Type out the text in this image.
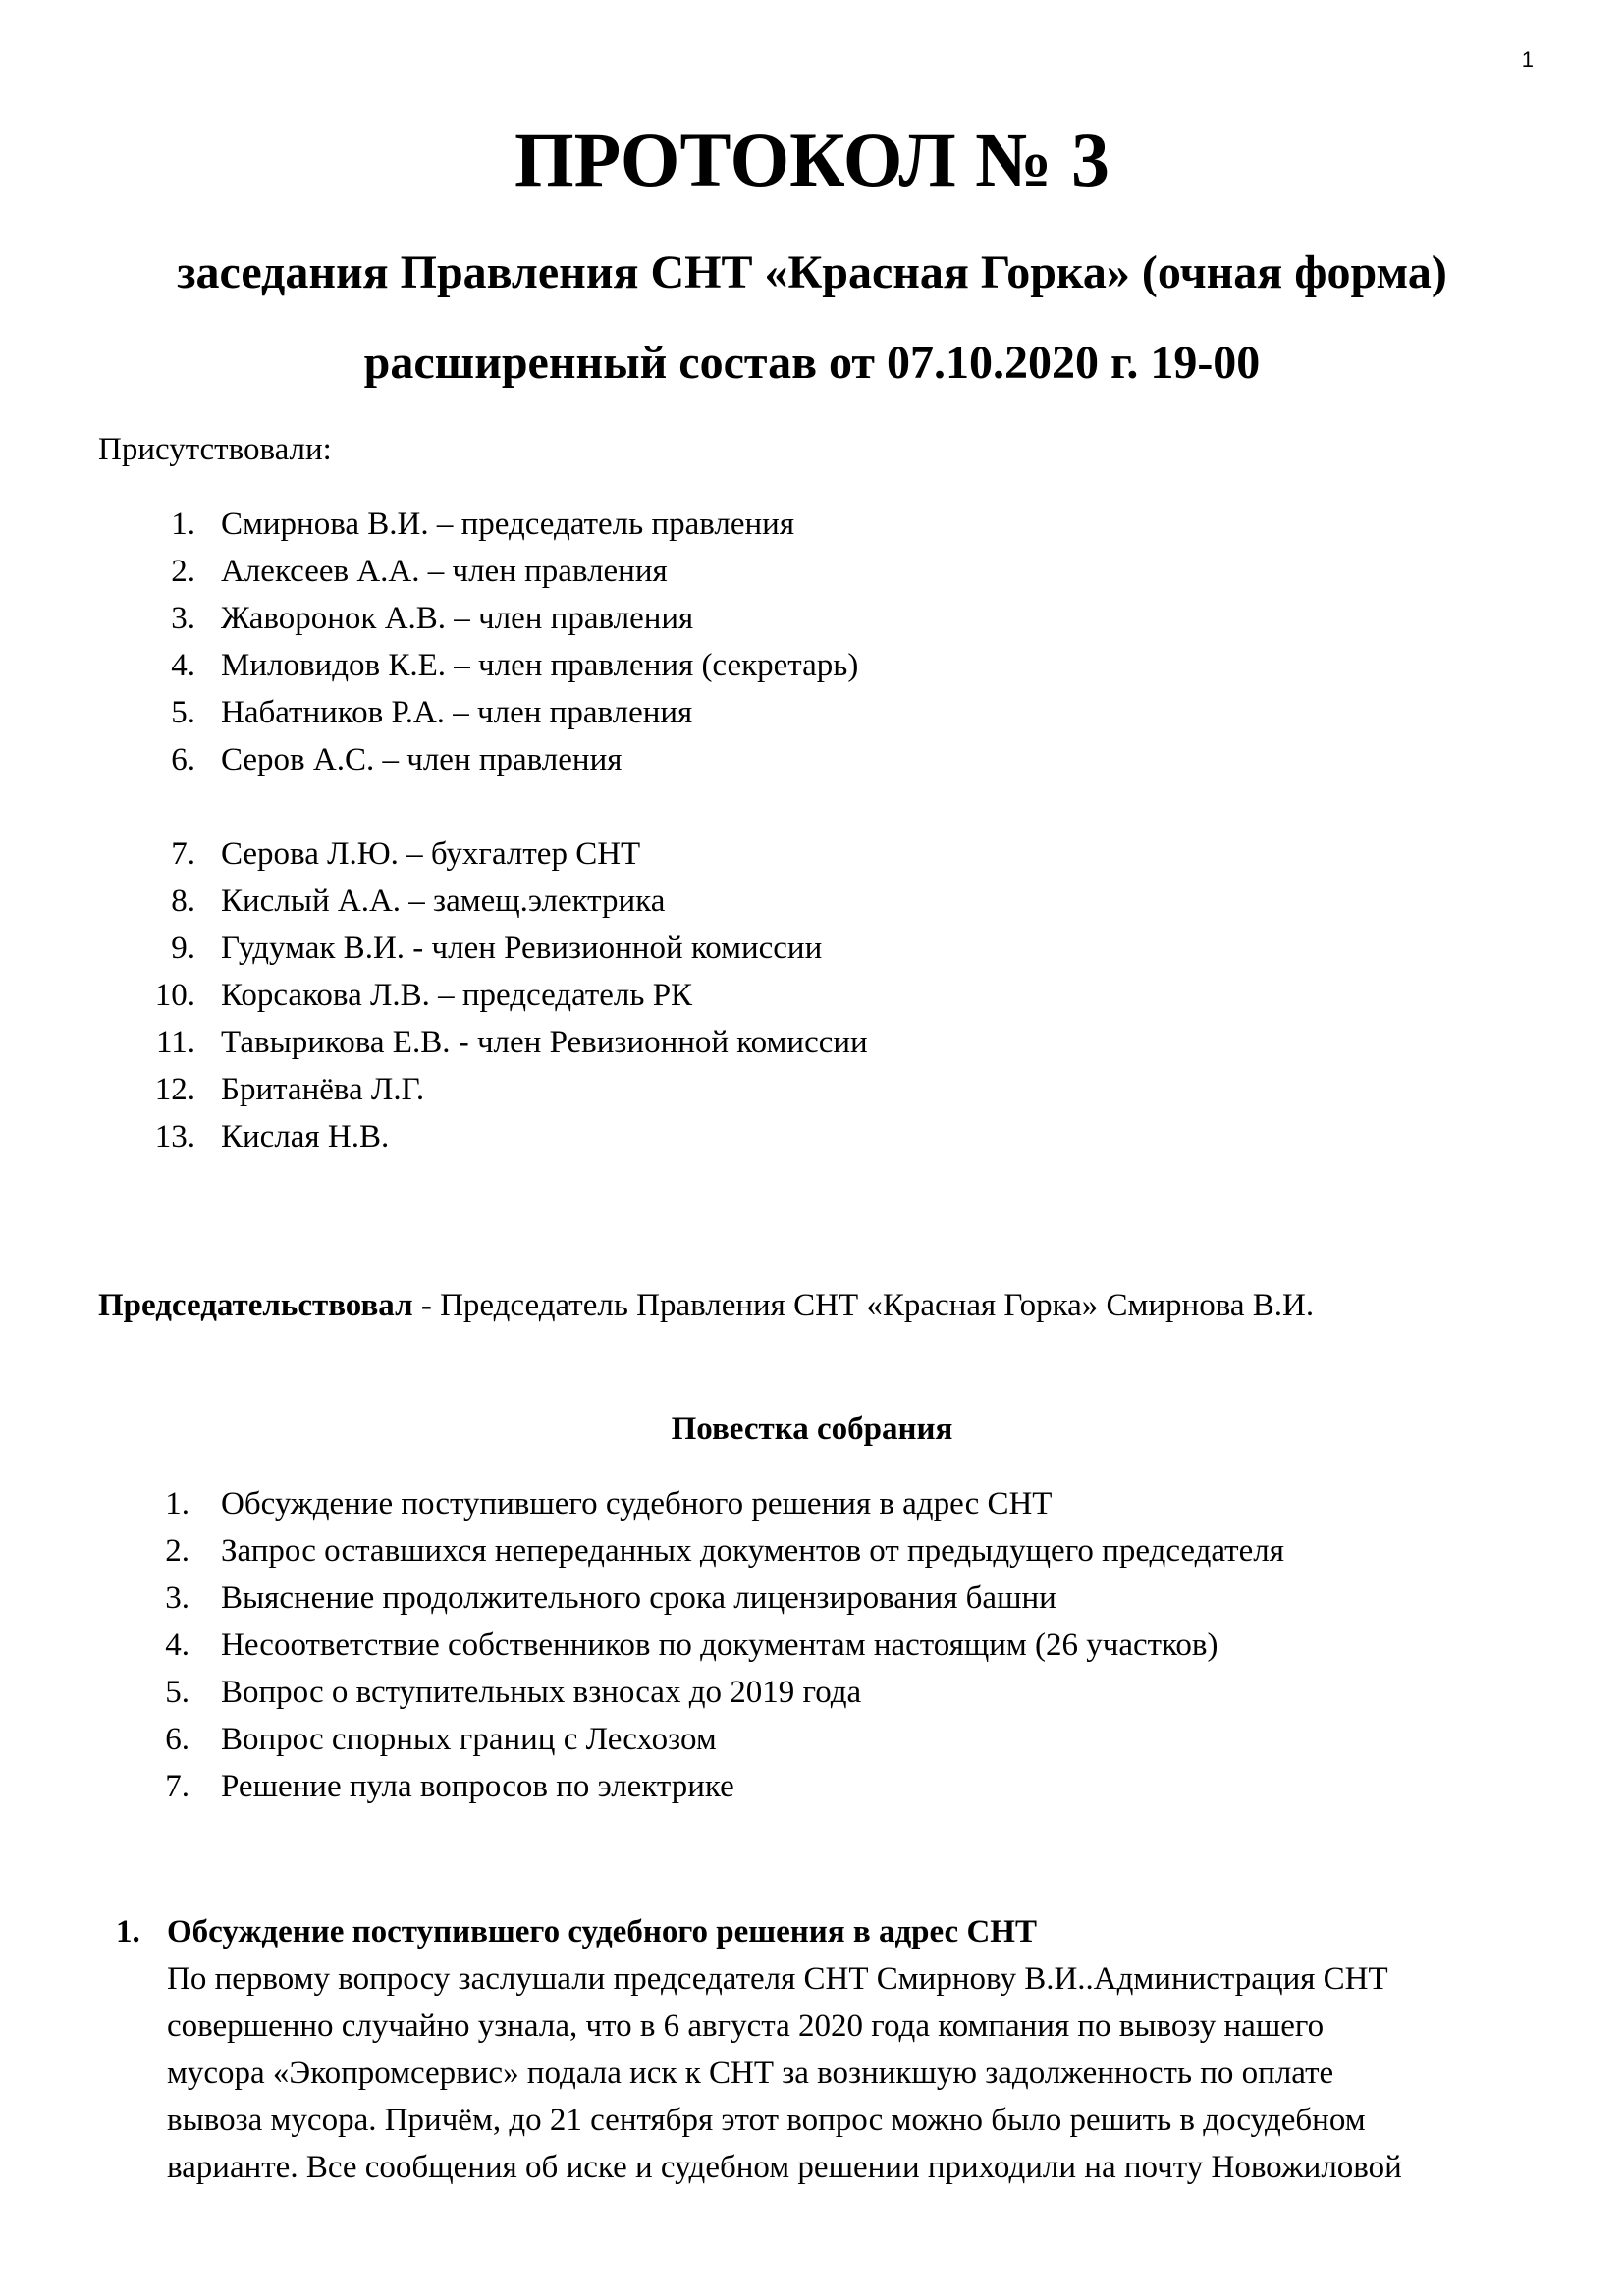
1
ПРОТОКОЛ № 3
заседания Правления СНТ «Красная Горка» (очная форма)
расширенный состав от 07.10.2020 г. 19-00
Присутствовали:
1. Смирнова В.И. – председатель правления
2. Алексеев А.А. – член правления
3. Жаворонок А.В. – член правления
4. Миловидов К.Е. – член правления (секретарь)
5. Набатников Р.А. – член правления
6. Серов А.С. – член правления
7. Серова Л.Ю. – бухгалтер СНТ
8. Кислый А.А. – замещ.электрика
9. Гудумак В.И. - член Ревизионной комиссии
10. Корсакова Л.В. – председатель РК
11. Тавырикова Е.В. - член Ревизионной комиссии
12. Британёва Л.Г.
13. Кислая Н.В.
Председательствовал - Председатель Правления СНТ «Красная Горка» Смирнова В.И.
Повестка собрания
1. Обсуждение поступившего судебного решения в адрес СНТ
2. Запрос оставшихся непереданных документов от предыдущего председателя
3. Выяснение продолжительного срока лицензирования башни
4. Несоответствие собственников по документам настоящим (26 участков)
5. Вопрос о вступительных взносах до 2019 года
6. Вопрос спорных границ с Лесхозом
7. Решение пула вопросов по электрике
1. Обсуждение поступившего судебного решения в адрес СНТ
По первому вопросу заслушали председателя СНТ Смирнову В.И..Администрация СНТ
совершенно случайно узнала, что в 6 августа 2020 года компания по вывозу нашего
мусора «Экопромсервис» подала иск к СНТ за возникшую задолженность по оплате
вывоза мусора. Причём, до 21 сентября этот вопрос можно было решить в досудебном
варианте. Все сообщения об иске и судебном решении приходили на почту Новожиловой
